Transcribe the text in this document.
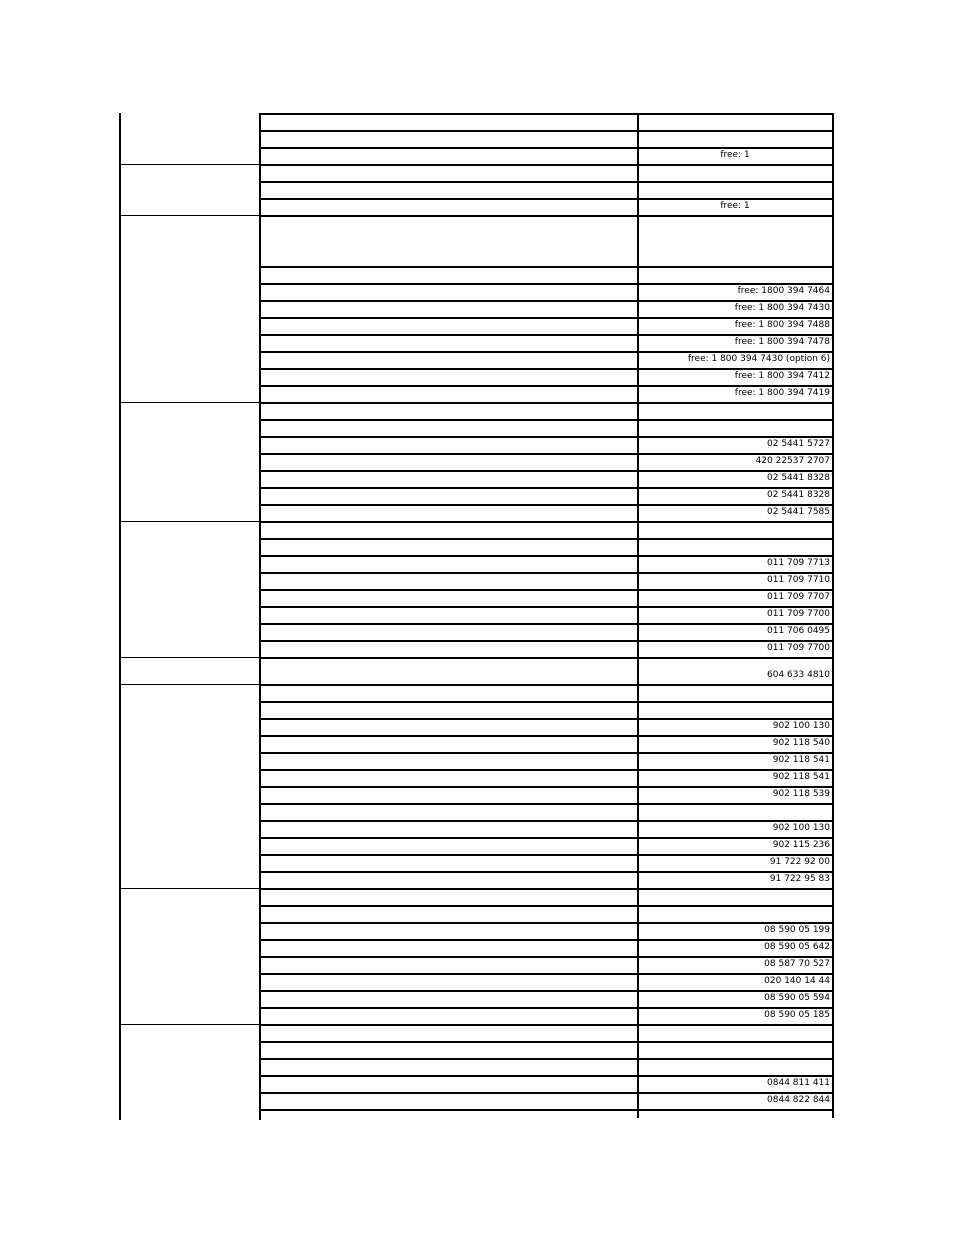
free: 1
free: 1
free: 1800 394 7464
free: 1 800 394 7430
free: 1 800 394 7488
free: 1 800 394 7478
free: 1 800 394 7430 (option 6)
free: 1 800 394 7412
free: 1 800 394 7419
02 5441 5727
420 22537 2707
02 5441 8328
02 5441 8328
02 5441 7585
011 709 7713
011 709 7710
011 709 7707
011 709 7700
011 706 0495
011 709 7700
604 633 4810
902 100 130
902 118 540
902 118 541
902 118 541
902 118 539
902 100 130
902 115 236
91 722 92 00
91 722 95 83
08 590 05 199
08 590 05 642
08 587 70 527
020 140 14 44
08 590 05 594
08 590 05 185
0844 811 411
0844 822 844
